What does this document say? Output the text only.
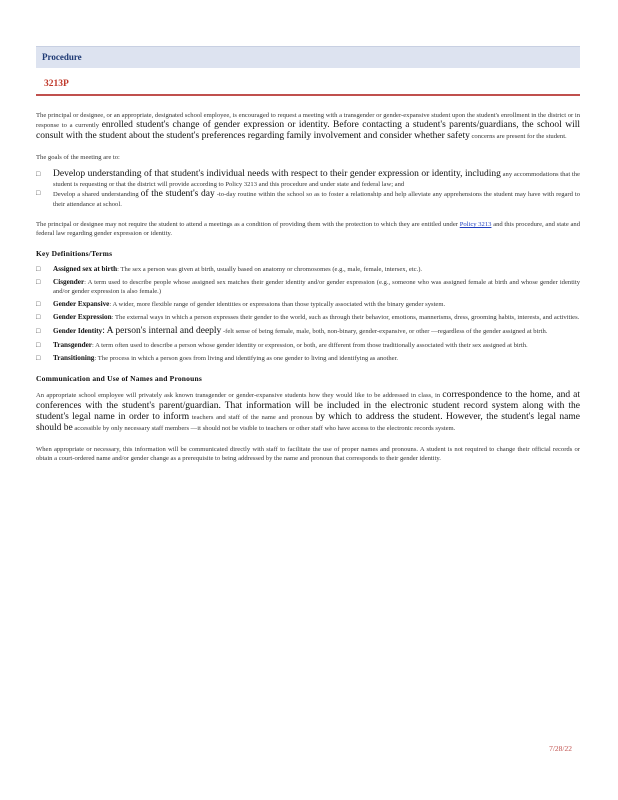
Procedure
3213P
The principal or designee, or an appropriate, designated school employee, is encouraged to request a meeting with a transgender or gender-expansive student upon the student's enrollment in the district or in response to a currently enrolled student's change of gender expression or identity. Before contacting a student's parents/guardians, the school will consult with the student about the student's preferences regarding family involvement and consider whether safety concerns are present for the student.
The goals of the meeting are to:
□ Develop understanding of that student's individual needs with respect to their gender expression or identity, including any accommodations that the student is requesting or that the district will provide according to Policy 3213 and this procedure and under state and federal law; and
□ Develop a shared understanding of the student's day -to-day routine within the school so as to foster a relationship and help alleviate any apprehensions the student may have with regard to their attendance at school.
The principal or designee may not require the student to attend a meetings as a condition of providing them with the protection to which they are entitled under Policy 3213 and this procedure, and state and federal law regarding gender expression or identity.
Key Definitions/Terms
□ Assigned sex at birth: The sex a person was given at birth, usually based on anatomy or chromosomes (e.g., male, female, intersex, etc.).
□ Cisgender: A term used to describe people whose assigned sex matches their gender identity and/or gender expression (e.g., someone who was assigned female at birth and whose gender identity and/or gender expression is also female.)
□ Gender Expansive: A wider, more flexible range of gender identities or expressions than those typically associated with the binary gender system.
□ Gender Expression: The external ways in which a person expresses their gender to the world, such as through their behavior, emotions, mannerisms, dress, grooming habits, interests, and activities.
□ Gender Identity: A person's internal and deeply -felt sense of being female, male, both, non-binary, gender-expansive, or other —regardless of the gender assigned at birth.
□ Transgender: A term often used to describe a person whose gender identity or expression, or both, are different from those traditionally associated with their sex assigned at birth.
□ Transitioning: The process in which a person goes from living and identifying as one gender to living and identifying as another.
Communication and Use of Names and Pronouns
An appropriate school employee will privately ask known transgender or gender-expansive students how they would like to be addressed in class, in correspondence to the home, and at conferences with the student's parent/guardian. That information will be included in the electronic student record system along with the student's legal name in order to inform teachers and staff of the name and pronoun by which to address the student. However, the student's legal name should be accessible by only necessary staff members —it should not be visible to teachers or other staff who have access to the electronic records system.
When appropriate or necessary, this information will be communicated directly with staff to facilitate the use of proper names and pronouns. A student is not required to change their official records or obtain a court-ordered name and/or gender change as a prerequisite to being addressed by the name and pronoun that corresponds to their gender identity.
7/28/22
